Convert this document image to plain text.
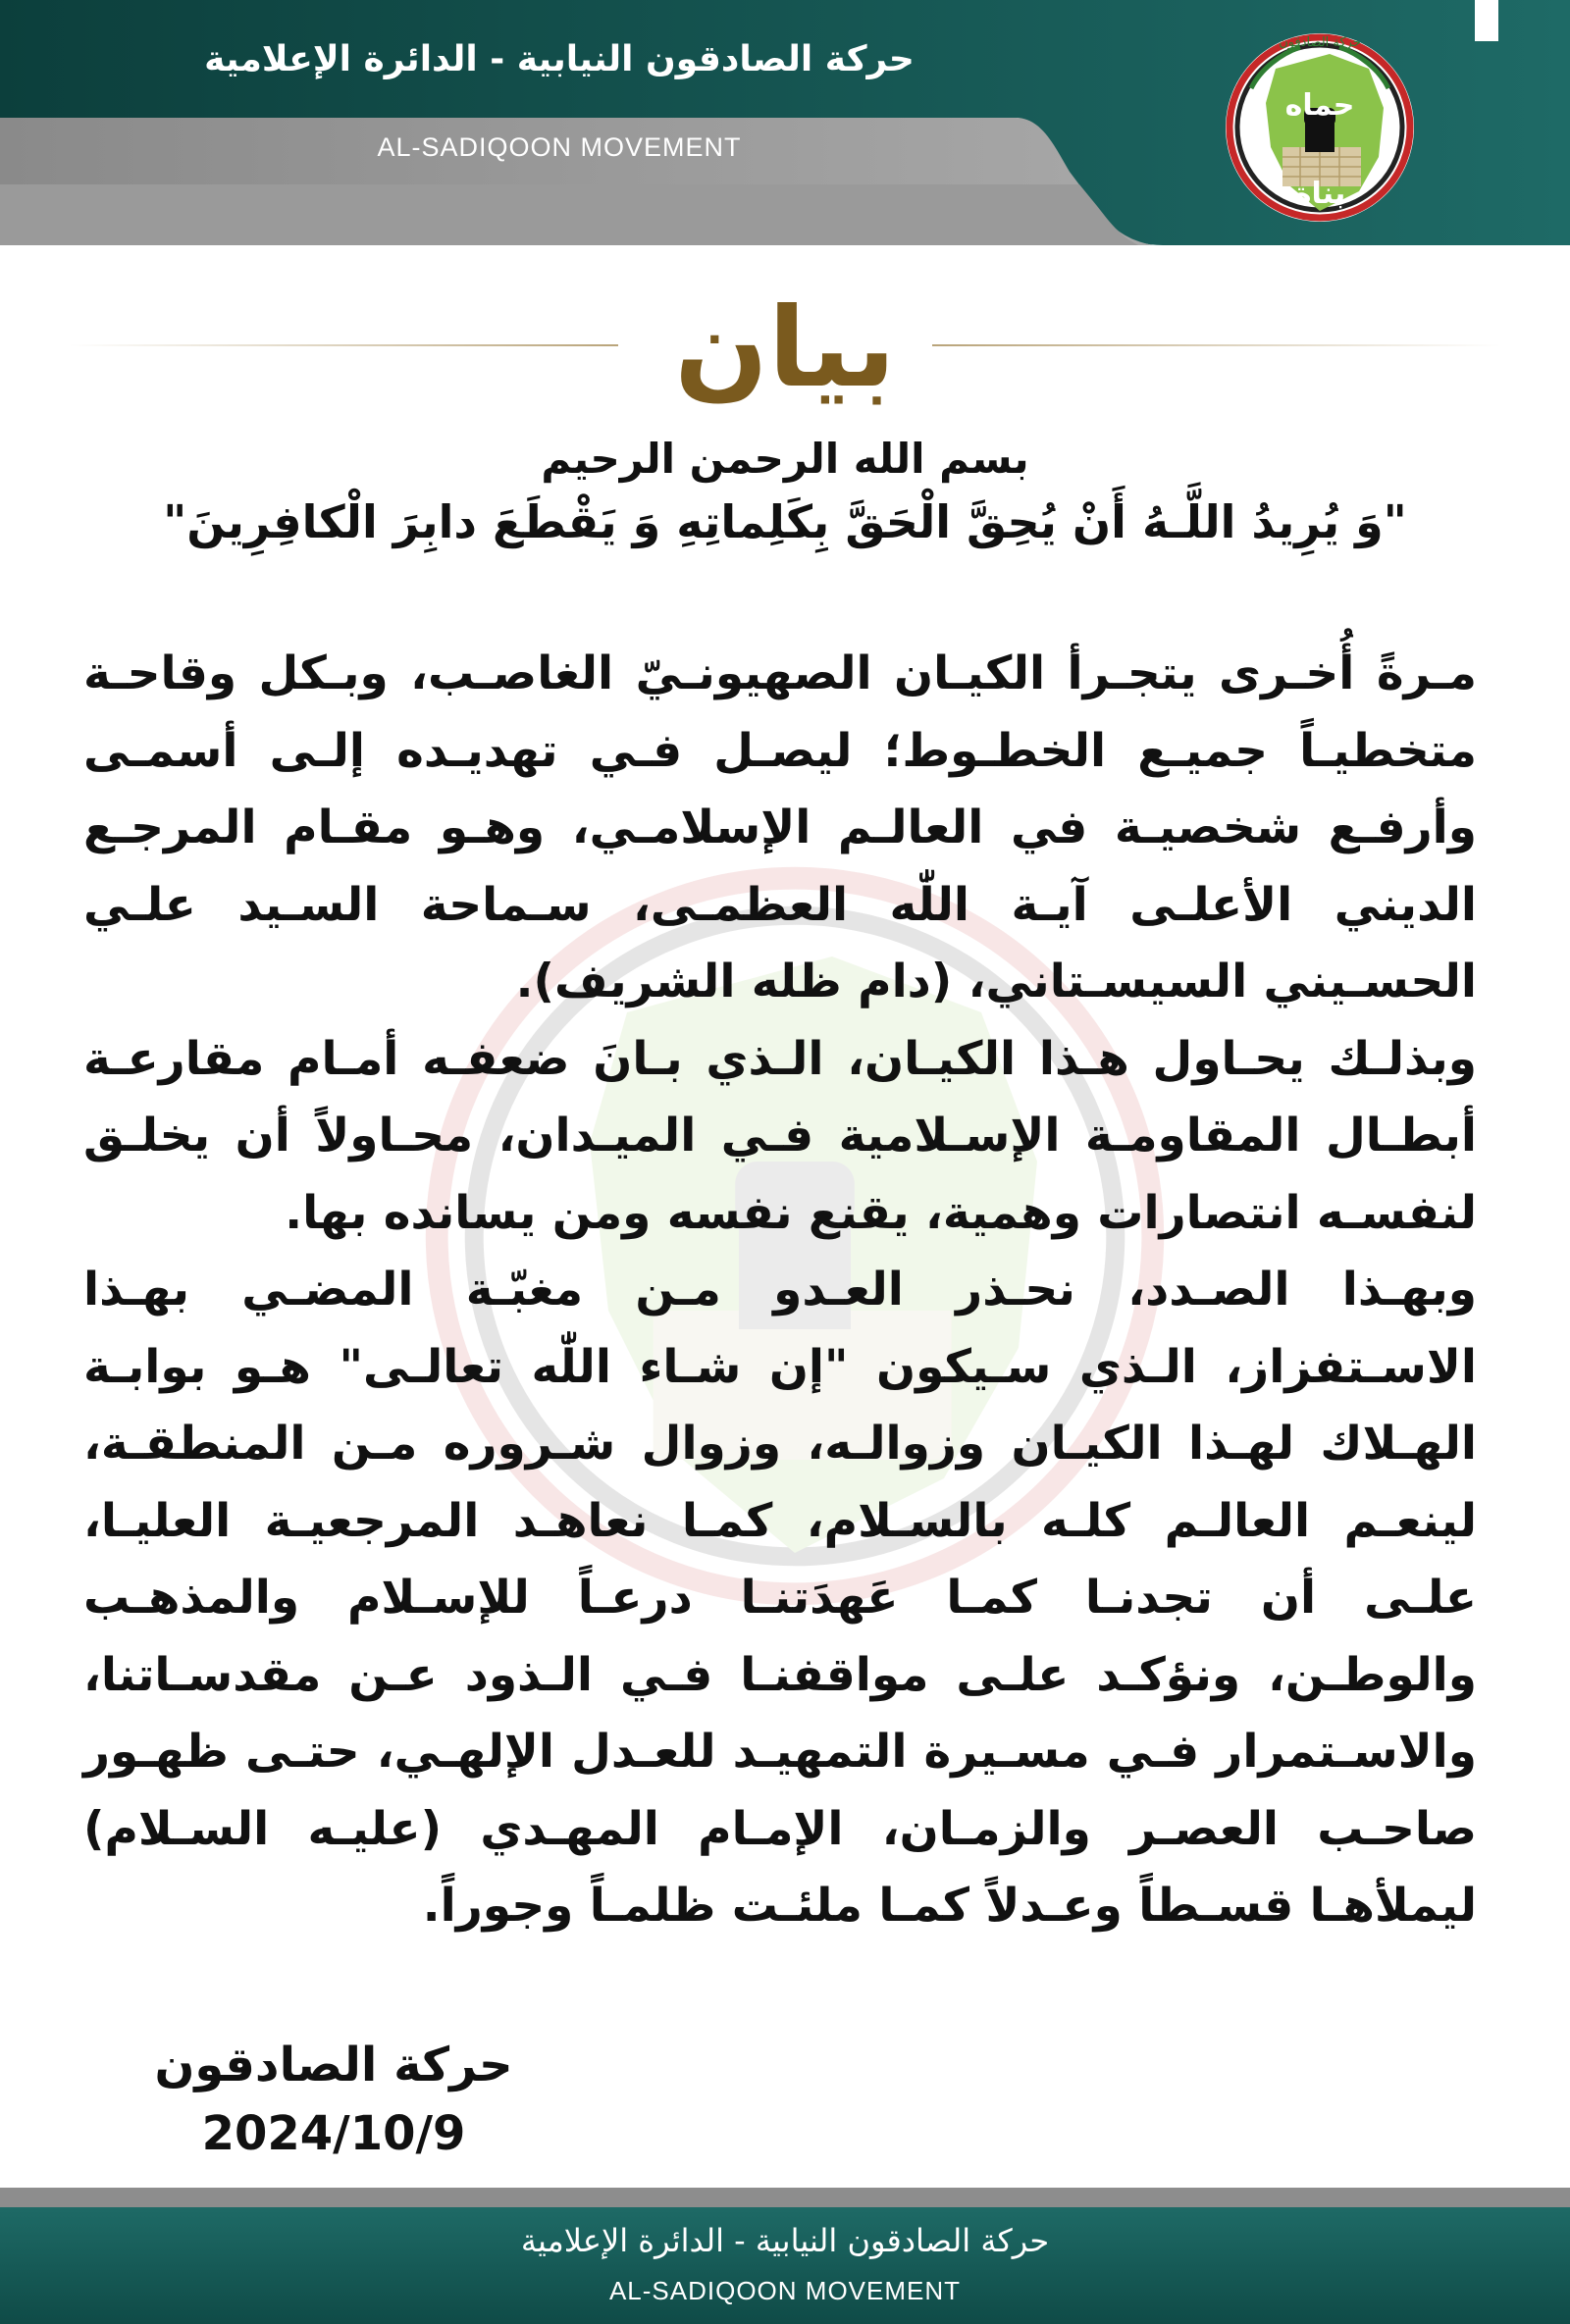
حركة الصادقون النيابية - الدائرة الإعلامية
AL-SADIQOON MOVEMENT
حماه
بناة
حركة الصادقون
بيان
بسم الله الرحمن الرحيم
"وَ يُرِيدُ اللَّـهُ أَنْ يُحِقَّ الْحَقَّ بِكَلِماتِهِ وَ يَقْطَعَ دابِرَ الْكافِرِينَ"

مـرةً أُخـرى يتجـرأ الكيـان الصهيونـيّ الغاصـب، وبـكل وقاحـة متخطيـاً جميـع الخطـوط؛ ليصـل فـي تهديـده إلـى أسمـى وأرفـع شخصيـة في العالـم الإسلامـي، وهـو مقـام المرجـع الديني الأعلـى آيـة اللّٰه العظمـى، سـماحة السـيد علـي الحسـيني السيسـتاني، (دام ظله الشريف).

وبذلـك يحـاول هـذا الكيـان، الـذي بـانَ ضعفـه أمـام مقارعـة أبطـال المقاومـة الإسـلامية فـي الميـدان، محـاولاً أن يخلـق لنفسـه انتصارات وهمية، يقنع نفسه ومن يسانده بها.

وبهـذا الصـدد، نحـذر العـدو مـن مغبّـة المضـي بهـذا الاسـتفزاز، الـذي سـيكون "إن شـاء اللّٰه تعالـى" هـو بوابـة الهـلاك لهـذا الكيـان وزوالـه، وزوال شـروره مـن المنطقـة، لينعـم العالـم كلـه بالسـلام، كمـا نعاهـد المرجعيـة العليـا، علـى أن تجدنـا كمـا عَهدَتنـا درعـاً للإسـلام والمذهـب والوطـن، ونؤكـد علـى مواقفنـا فـي الـذود عـن مقدسـاتنا، والاسـتمرار فـي مسـيرة التمهيـد للعـدل الإلهـي، حتـى ظهـور صاحـب العصـر والزمـان، الإمـام المهـدي (عليـه السـلام) ليملأهـا قسـطاً وعـدلاً كمـا ملئـت ظلمـاً وجوراً.

حركة الصادقون
2024/10/9
حركة الصادقون النيابية - الدائرة الإعلامية
AL-SADIQOON MOVEMENT
